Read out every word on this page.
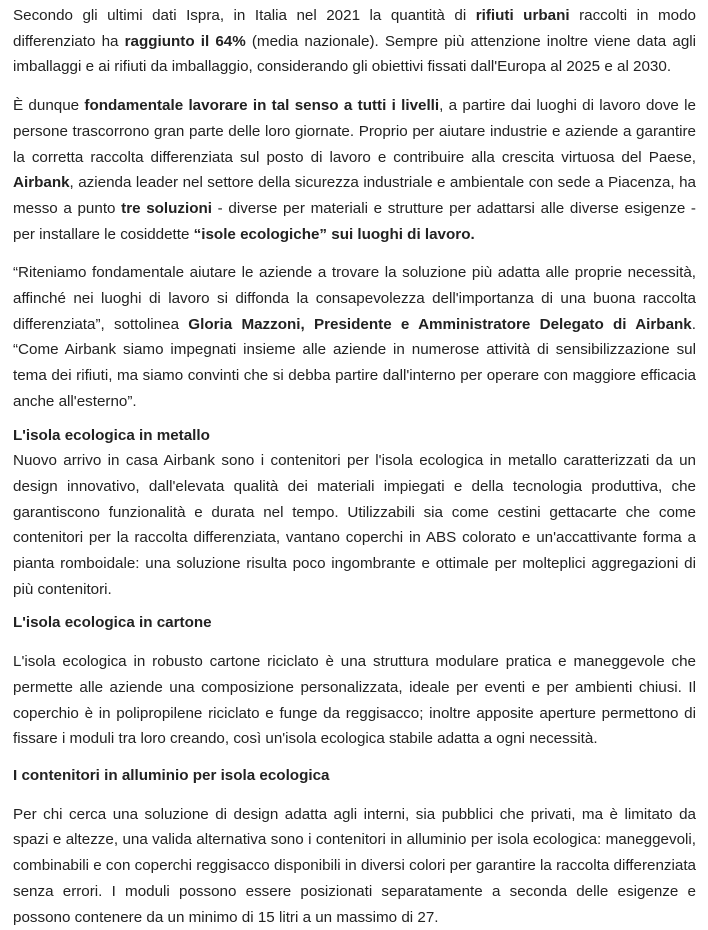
Secondo gli ultimi dati Ispra, in Italia nel 2021 la quantità di rifiuti urbani raccolti in modo differenziato ha raggiunto il 64% (media nazionale). Sempre più attenzione inoltre viene data agli imballaggi e ai rifiuti da imballaggio, considerando gli obiettivi fissati dall'Europa al 2025 e al 2030.

È dunque fondamentale lavorare in tal senso a tutti i livelli, a partire dai luoghi di lavoro dove le persone trascorrono gran parte delle loro giornate. Proprio per aiutare industrie e aziende a garantire la corretta raccolta differenziata sul posto di lavoro e contribuire alla crescita virtuosa del Paese, Airbank, azienda leader nel settore della sicurezza industriale e ambientale con sede a Piacenza, ha messo a punto tre soluzioni - diverse per materiali e strutture per adattarsi alle diverse esigenze - per installare le cosiddette “isole ecologiche” sui luoghi di lavoro.

“Riteniamo fondamentale aiutare le aziende a trovare la soluzione più adatta alle proprie necessità, affinché nei luoghi di lavoro si diffonda la consapevolezza dell'importanza di una buona raccolta differenziata”, sottolinea Gloria Mazzoni, Presidente e Amministratore Delegato di Airbank. “Come Airbank siamo impegnati insieme alle aziende in numerose attività di sensibilizzazione sul tema dei rifiuti, ma siamo convinti che si debba partire dall'interno per operare con maggiore efficacia anche all'esterno”.

L'isola ecologica in metallo

Nuovo arrivo in casa Airbank sono i contenitori per l'isola ecologica in metallo caratterizzati da un design innovativo, dall'elevata qualità dei materiali impiegati e della tecnologia produttiva, che garantiscono funzionalità e durata nel tempo. Utilizzabili sia come cestini gettacarte che come contenitori per la raccolta differenziata, vantano coperchi in ABS colorato e un'accattivante forma a pianta romboidale: una soluzione risulta poco ingombrante e ottimale per molteplici aggregazioni di più contenitori.

L'isola ecologica in cartone

L'isola ecologica in robusto cartone riciclato è una struttura modulare pratica e maneggevole che permette alle aziende una composizione personalizzata, ideale per eventi e per ambienti chiusi. Il coperchio è in polipropilene riciclato e funge da reggisacco; inoltre apposite aperture permettono di fissare i moduli tra loro creando, così un'isola ecologica stabile adatta a ogni necessità.

I contenitori in alluminio per isola ecologica

Per chi cerca una soluzione di design adatta agli interni, sia pubblici che privati, ma è limitato da spazi e altezze, una valida alternativa sono i contenitori in alluminio per isola ecologica: maneggevoli, combinabili e con coperchi reggisacco disponibili in diversi colori per garantire la raccolta differenziata senza errori. I moduli possono essere posizionati separatamente a seconda delle esigenze e possono contenere da un minimo di 15 litri a un massimo di 27.
